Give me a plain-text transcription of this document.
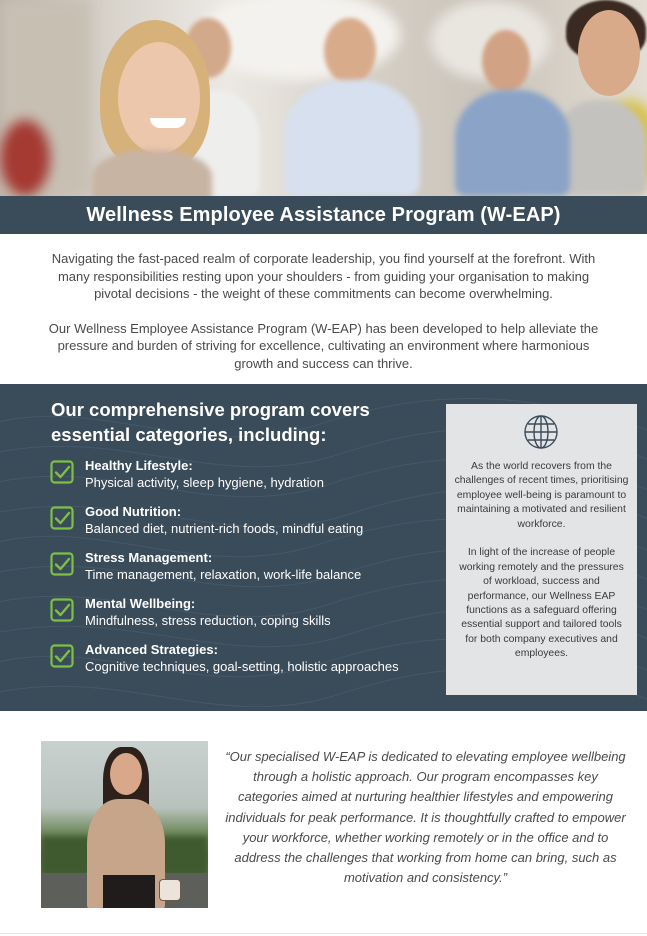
Wellness Employee Assistance Program (W-EAP)

Navigating the fast-paced realm of corporate leadership, you find yourself at the forefront. With many responsibilities resting upon your shoulders - from guiding your organisation to making pivotal decisions - the weight of these commitments can become overwhelming.

Our Wellness Employee Assistance Program (W-EAP) has been developed to help alleviate the pressure and burden of striving for excellence, cultivating an environment where harmonious growth and success can thrive.

Our comprehensive program covers essential categories, including:
Healthy Lifestyle:
Physical activity, sleep hygiene, hydration
Good Nutrition:
Balanced diet, nutrient-rich foods, mindful eating
Stress Management:
Time management, relaxation, work-life balance
Mental Wellbeing:
Mindfulness, stress reduction, coping skills
Advanced Strategies:
Cognitive techniques, goal-setting, holistic approaches

As the world recovers from the challenges of recent times, prioritising employee well-being is paramount to maintaining a motivated and resilient workforce.

In light of the increase of people working remotely and the pressures of workload, success and performance, our Wellness EAP functions as a safeguard offering essential support and tailored tools for both company executives and employees.

“Our specialised W-EAP is dedicated to elevating employee wellbeing through a holistic approach. Our program encompasses key categories aimed at nurturing healthier lifestyles and empowering individuals for peak performance. It is thoughtfully crafted to empower your workforce, whether working remotely or in the office and to address the challenges that working from home can bring, such as motivation and consistency.”
